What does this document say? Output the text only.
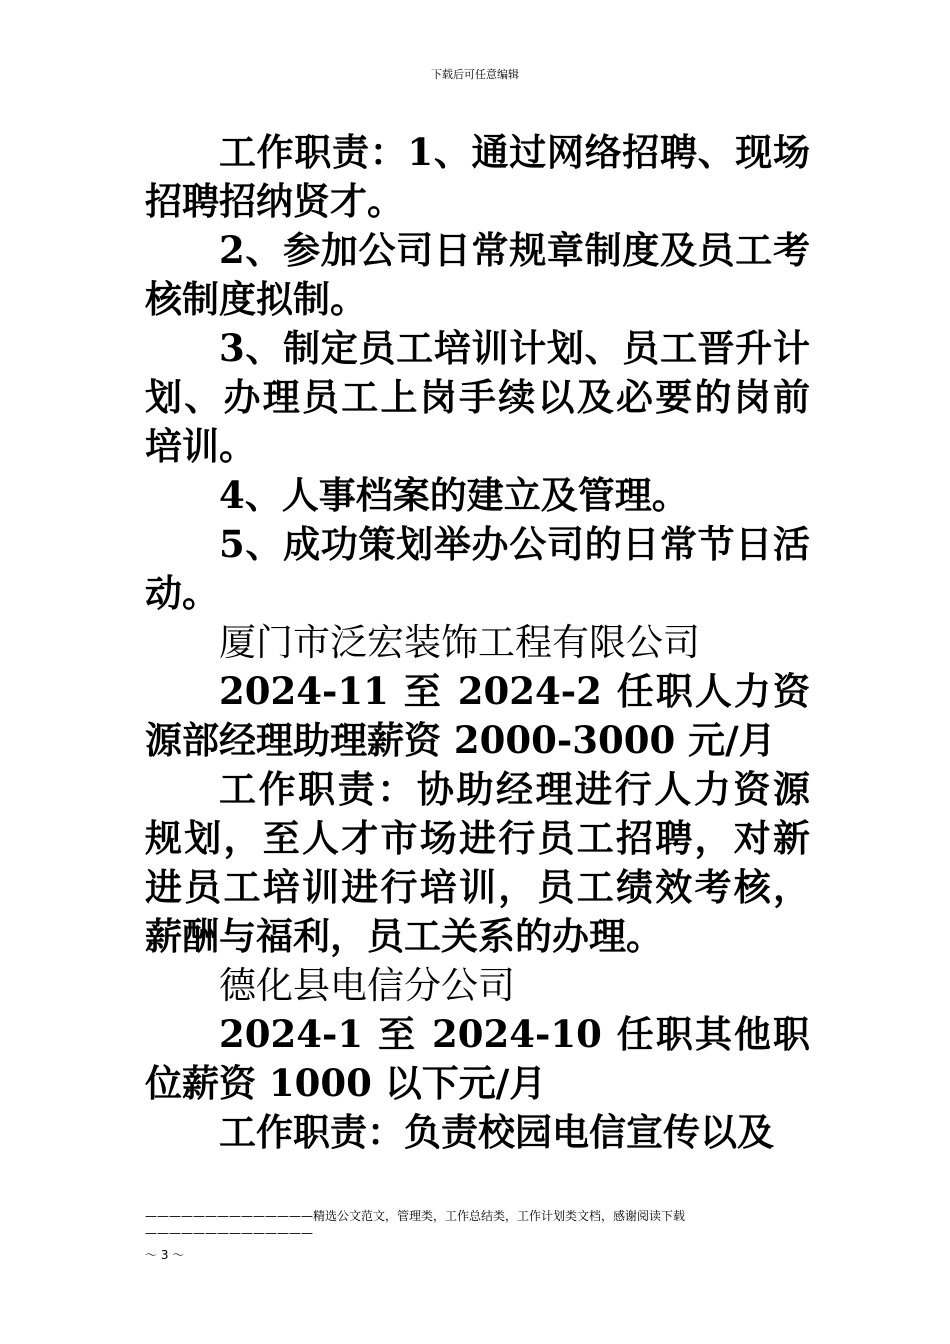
下载后可任意编辑

工作职责：1、通过网络招聘、现场招聘招纳贤才。

2、参加公司日常规章制度及员工考核制度拟制。

3、制定员工培训计划、员工晋升计划、办理员工上岗手续以及必要的岗前培训。

4、人事档案的建立及管理。

5、成功策划举办公司的日常节日活动。

厦门市泛宏装饰工程有限公司

2024-11 至 2024-2 任职人力资源部经理助理薪资 2000-3000 元/月

工作职责：协助经理进行人力资源规划，至人才市场进行员工招聘，对新进员工培训进行培训，员工绩效考核，薪酬与福利，员工关系的办理。

德化县电信分公司

2024-1 至 2024-10 任职其他职位薪资 1000 以下元/月

工作职责：负责校园电信宣传以及

——————————————精选公文范文，管理类，工作总结类，工作计划类文档，感谢阅读下载——————————————
～ 3 ～
